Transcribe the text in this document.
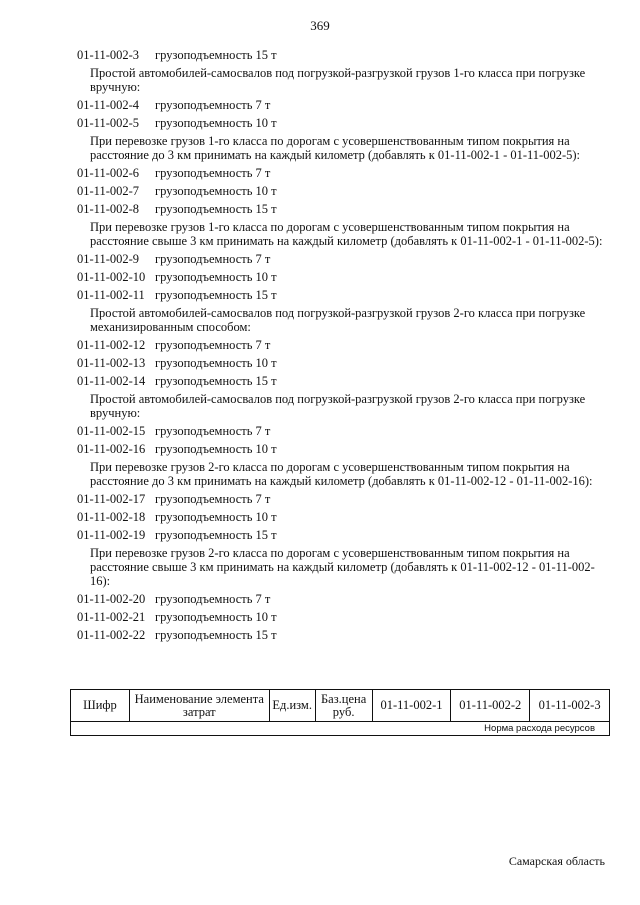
369
01-11-002-3 грузоподъемность 15 т
Простой автомобилей-самосвалов под погрузкой-разгрузкой грузов 1-го класса при погрузке вручную:
01-11-002-4 грузоподъемность 7 т
01-11-002-5 грузоподъемность 10 т
При перевозке грузов 1-го класса по дорогам с усовершенствованным типом покрытия на расстояние до 3 км принимать на каждый километр (добавлять к 01-11-002-1 - 01-11-002-5):
01-11-002-6 грузоподъемность 7 т
01-11-002-7 грузоподъемность 10 т
01-11-002-8 грузоподъемность 15 т
При перевозке грузов 1-го класса по дорогам с усовершенствованным типом покрытия на расстояние свыше 3 км принимать на каждый километр (добавлять к 01-11-002-1 - 01-11-002-5):
01-11-002-9 грузоподъемность 7 т
01-11-002-10 грузоподъемность 10 т
01-11-002-11 грузоподъемность 15 т
Простой автомобилей-самосвалов под погрузкой-разгрузкой грузов 2-го класса при погрузке механизированным способом:
01-11-002-12 грузоподъемность 7 т
01-11-002-13 грузоподъемность 10 т
01-11-002-14 грузоподъемность 15 т
Простой автомобилей-самосвалов под погрузкой-разгрузкой грузов 2-го класса при погрузке вручную:
01-11-002-15 грузоподъемность 7 т
01-11-002-16 грузоподъемность 10 т
При перевозке грузов 2-го класса по дорогам с усовершенствованным типом покрытия на расстояние до 3 км принимать на каждый километр (добавлять к 01-11-002-12 - 01-11-002-16):
01-11-002-17 грузоподъемность 7 т
01-11-002-18 грузоподъемность 10 т
01-11-002-19 грузоподъемность 15 т
При перевозке грузов 2-го класса по дорогам с усовершенствованным типом покрытия на расстояние свыше 3 км принимать на каждый километр (добавлять к 01-11-002-12 - 01-11-002-16):
01-11-002-20 грузоподъемность 7 т
01-11-002-21 грузоподъемность 10 т
01-11-002-22 грузоподъемность 15 т
Шифр	Наименование элемента затрат	Ед.изм.	Баз.цена руб.	01-11-002-1	01-11-002-2	01-11-002-3
Норма расхода ресурсов
Самарская область
